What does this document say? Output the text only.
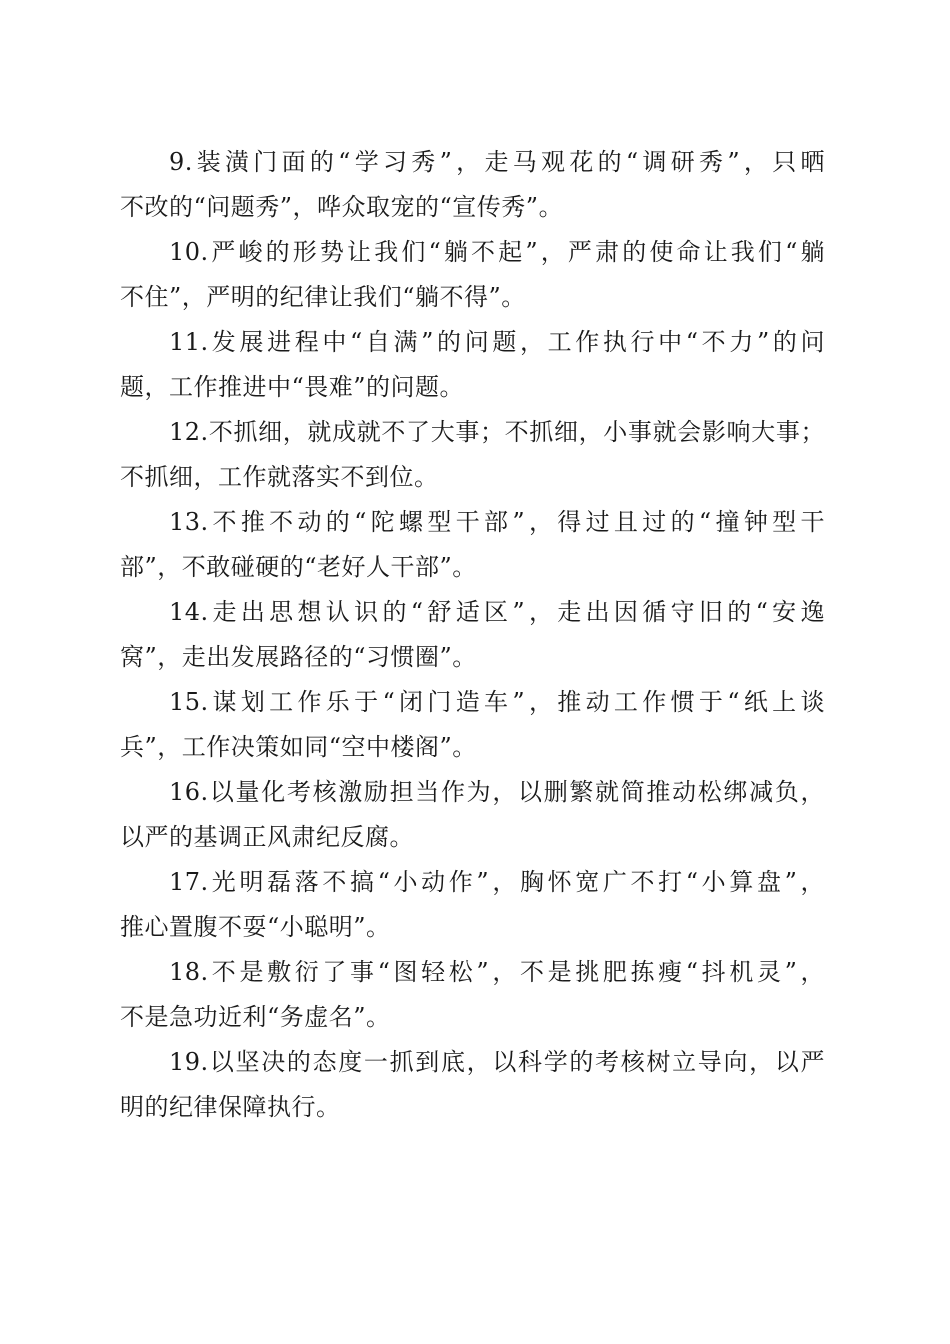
9.装潢门面的“学习秀”，走马观花的“调研秀”，只晒
不改的“问题秀”，哗众取宠的“宣传秀”。
10.严峻的形势让我们“躺不起”，严肃的使命让我们“躺
不住”，严明的纪律让我们“躺不得”。
11.发展进程中“自满”的问题，工作执行中“不力”的问
题，工作推进中“畏难”的问题。
12.不抓细，就成就不了大事；不抓细，小事就会影响大事；
不抓细，工作就落实不到位。
13.不推不动的“陀螺型干部”，得过且过的“撞钟型干
部”，不敢碰硬的“老好人干部”。
14.走出思想认识的“舒适区”，走出因循守旧的“安逸
窝”，走出发展路径的“习惯圈”。
15.谋划工作乐于“闭门造车”，推动工作惯于“纸上谈
兵”，工作决策如同“空中楼阁”。
16.以量化考核激励担当作为，以删繁就简推动松绑减负，
以严的基调正风肃纪反腐。
17.光明磊落不搞“小动作”，胸怀宽广不打“小算盘”，
推心置腹不耍“小聪明”。
18.不是敷衍了事“图轻松”，不是挑肥拣瘦“抖机灵”，
不是急功近利“务虚名”。
19.以坚决的态度一抓到底，以科学的考核树立导向，以严
明的纪律保障执行。
